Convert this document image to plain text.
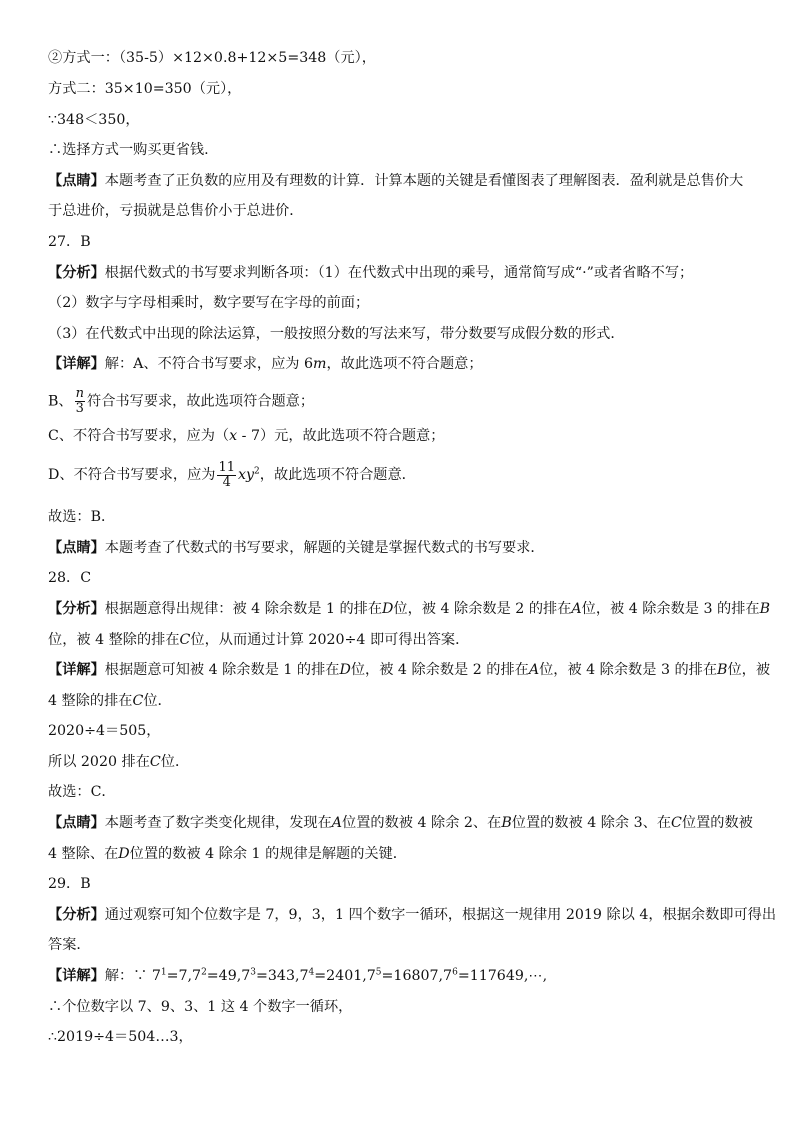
②方式一：（35-5）×12×0.8+12×5=348（元），
方式二：35×10=350（元），
∵348＜350，
∴选择方式一购买更省钱.
【点睛】本题考查了正负数的应用及有理数的计算．计算本题的关键是看懂图表了理解图表．盈利就是总售价大
于总进价，亏损就是总售价小于总进价．
27．B
【分析】根据代数式的书写要求判断各项：（1）在代数式中出现的乘号，通常简写成“·”或者省略不写；
（2）数字与字母相乘时，数字要写在字母的前面；
（3）在代数式中出现的除法运算，一般按照分数的写法来写，带分数要写成假分数的形式．
【详解】解：A、不符合书写要求，应为 6m，故此选项不符合题意；
B、 $\frac{n}{3}$ 符合书写要求，故此选项符合题意；
C、不符合书写要求，应为（x - 7）元，故此选项不符合题意；
D、不符合书写要求，应为 $\frac{11}{4} xy^2$，故此选项不符合题意．
故选：B．
【点睛】本题考查了代数式的书写要求，解题的关键是掌握代数式的书写要求．
28．C
【分析】根据题意得出规律：被 4 除余数是 1 的排在D位，被 4 除余数是 2 的排在A位，被 4 除余数是 3 的排在B
位，被 4 整除的排在C位，从而通过计算 2020÷4 即可得出答案．
【详解】根据题意可知被 4 除余数是 1 的排在D位，被 4 除余数是 2 的排在A位，被 4 除余数是 3 的排在B位，被
4 整除的排在C位．
2020÷4＝505，
所以 2020 排在C位．
故选：C．
【点睛】本题考查了数字类变化规律，发现在A位置的数被 4 除余 2、在B位置的数被 4 除余 3、在C位置的数被
4 整除、在D位置的数被 4 除余 1 的规律是解题的关键．
29．B
【分析】通过观察可知个位数字是 7，9，3，1 四个数字一循环，根据这一规律用 2019 除以 4，根据余数即可得出
答案．
【详解】解：∵ $7^1=7,7^2=49,7^3=343,7^4=2401,7^5=16807,7^6=117649,\cdots$,
∴个位数字以 7、9、3、1 这 4 个数字一循环，
∴2019÷4＝504…3，
